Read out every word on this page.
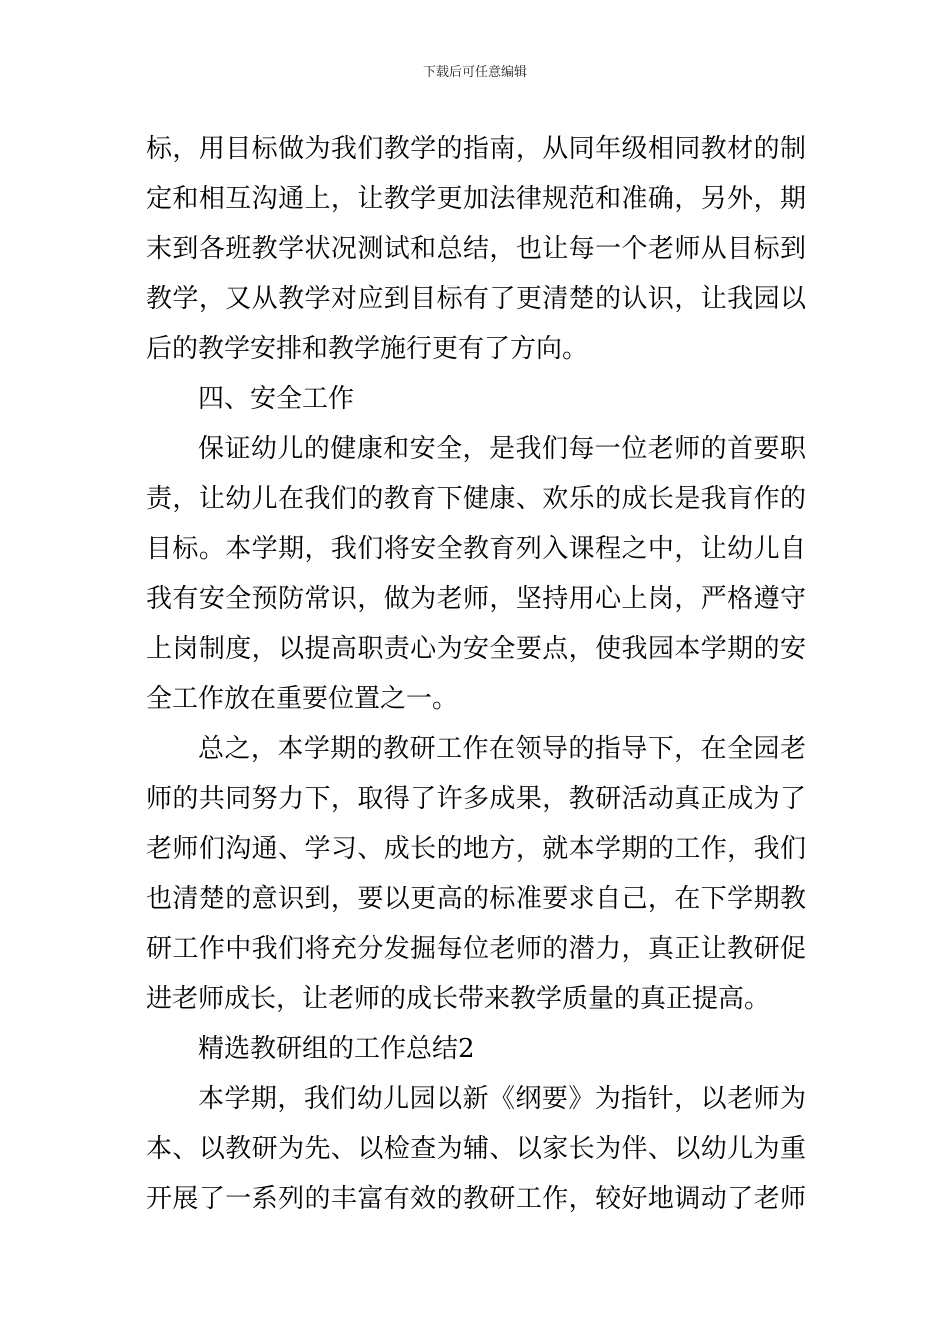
下载后可任意编辑
标，用目标做为我们教学的指南，从同年级相同教材的制
定和相互沟通上，让教学更加法律规范和准确，另外，期
末到各班教学状况测试和总结，也让每一个老师从目标到
教学，又从教学对应到目标有了更清楚的认识，让我园以
后的教学安排和教学施行更有了方向。
四、安全工作
保证幼儿的健康和安全，是我们每一位老师的首要职
责，让幼儿在我们的教育下健康、欢乐的成长是我肓作的
目标。本学期，我们将安全教育列入课程之中，让幼儿自
我有安全预防常识，做为老师，坚持用心上岗，严格遵守
上岗制度，以提高职责心为安全要点，使我园本学期的安
全工作放在重要位置之一。
总之，本学期的教研工作在领导的指导下，在全园老
师的共同努力下，取得了许多成果，教研活动真正成为了
老师们沟通、学习、成长的地方，就本学期的工作，我们
也清楚的意识到，要以更高的标准要求自己，在下学期教
研工作中我们将充分发掘每位老师的潜力，真正让教研促
进老师成长，让老师的成长带来教学质量的真正提高。
精选教研组的工作总结2
本学期，我们幼儿园以新《纲要》为指针，以老师为
本、以教研为先、以检查为辅、以家长为伴、以幼儿为重
开展了一系列的丰富有效的教研工作，较好地调动了老师
